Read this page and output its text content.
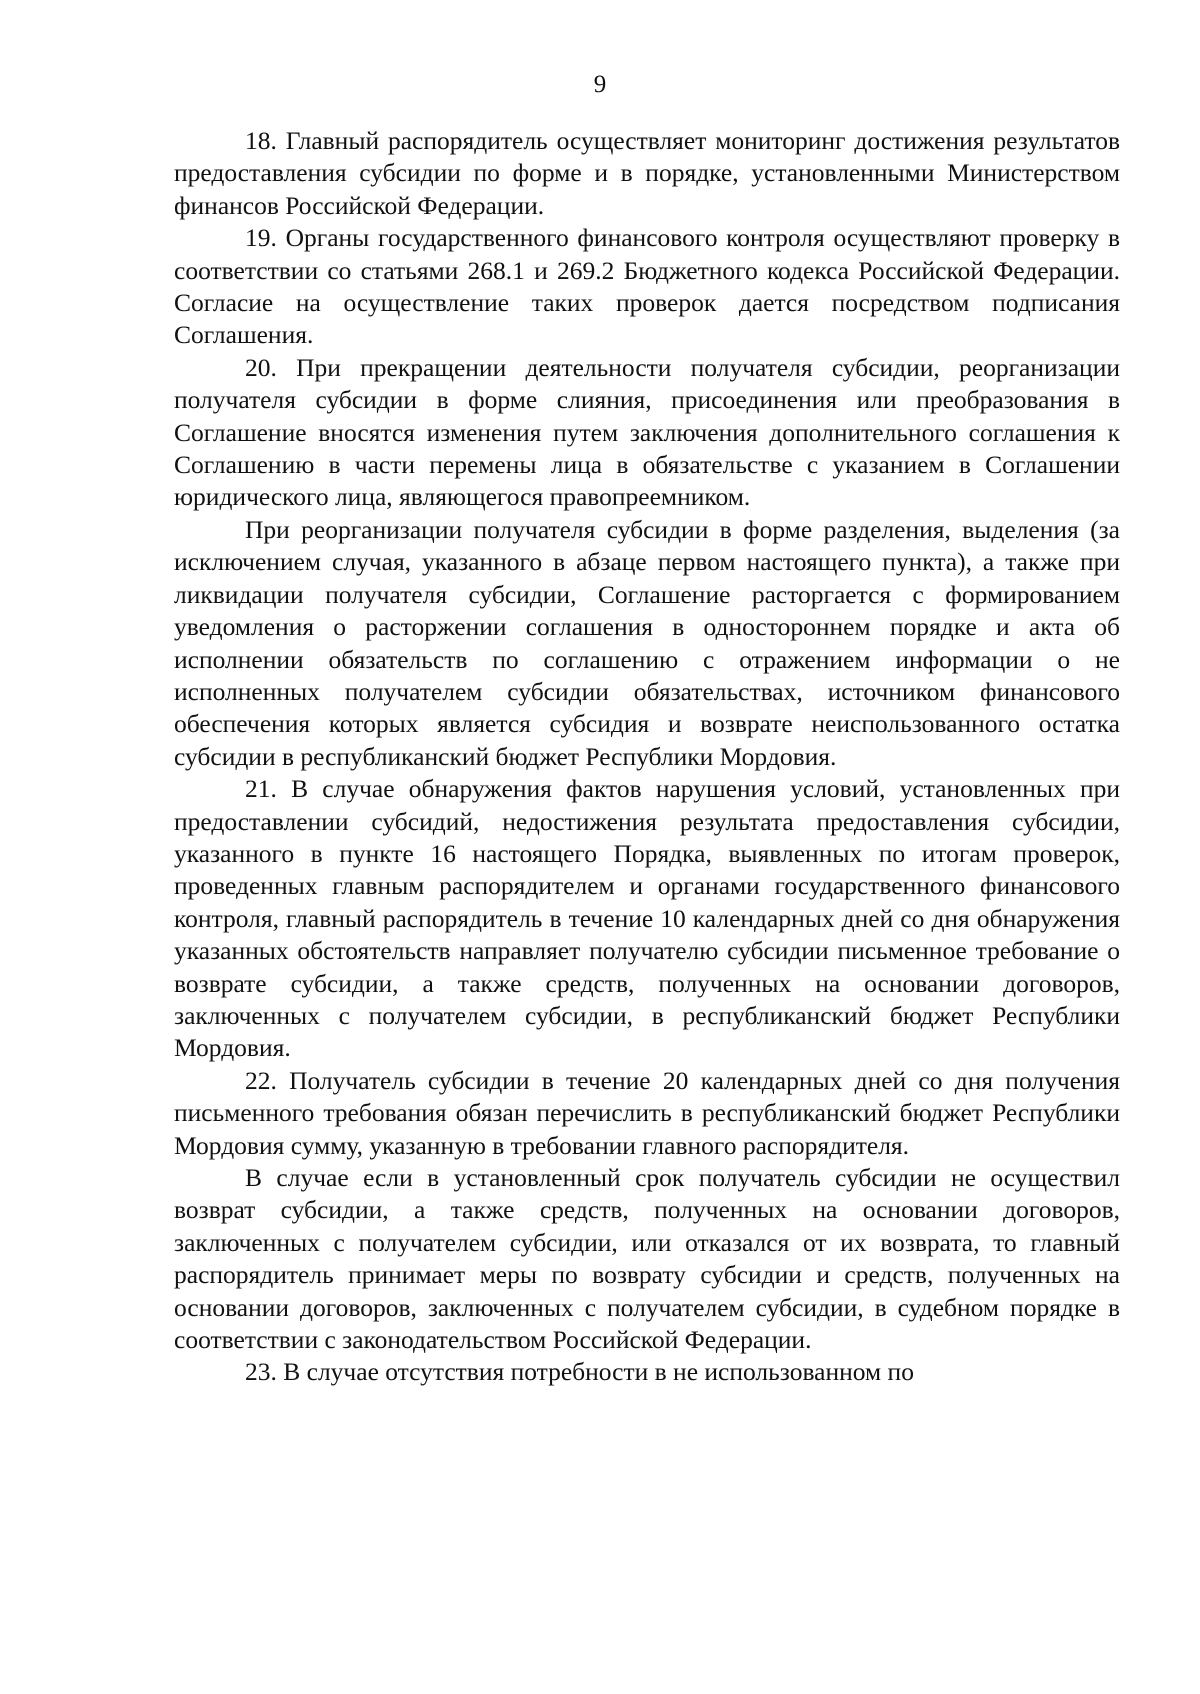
9

18. Главный распорядитель осуществляет мониторинг достижения результатов предоставления субсидии по форме и в порядке, установленными Министерством финансов Российской Федерации.

19. Органы государственного финансового контроля осуществляют проверку в соответствии со статьями 268.1 и 269.2 Бюджетного кодекса Российской Федерации. Согласие на осуществление таких проверок дается посредством подписания Соглашения.

20. При прекращении деятельности получателя субсидии, реорганизации получателя субсидии в форме слияния, присоединения или преобразования в Соглашение вносятся изменения путем заключения дополнительного соглашения к Соглашению в части перемены лица в обязательстве с указанием в Соглашении юридического лица, являющегося правопреемником.

При реорганизации получателя субсидии в форме разделения, выделения (за исключением случая, указанного в абзаце первом настоящего пункта), а также при ликвидации получателя субсидии, Соглашение расторгается с формированием уведомления о расторжении соглашения в одностороннем порядке и акта об исполнении обязательств по соглашению с отражением информации о не исполненных получателем субсидии обязательствах, источником финансового обеспечения которых является субсидия и возврате неиспользованного остатка субсидии в республиканский бюджет Республики Мордовия.

21. В случае обнаружения фактов нарушения условий, установленных при предоставлении субсидий, недостижения результата предоставления субсидии, указанного в пункте 16 настоящего Порядка, выявленных по итогам проверок, проведенных главным распорядителем и органами государственного финансового контроля, главный распорядитель в течение 10 календарных дней со дня обнаружения указанных обстоятельств направляет получателю субсидии письменное требование о возврате субсидии, а также средств, полученных на основании договоров, заключенных с получателем субсидии, в республиканский бюджет Республики Мордовия.

22. Получатель субсидии в течение 20 календарных дней со дня получения письменного требования обязан перечислить в республиканский бюджет Республики Мордовия сумму, указанную в требовании главного распорядителя.

В случае если в установленный срок получатель субсидии не осуществил возврат субсидии, а также средств, полученных на основании договоров, заключенных с получателем субсидии, или отказался от их возврата, то главный распорядитель принимает меры по возврату субсидии и средств, полученных на основании договоров, заключенных с получателем субсидии, в судебном порядке в соответствии с законодательством Российской Федерации.

23. В случае отсутствия потребности в не использованном по
